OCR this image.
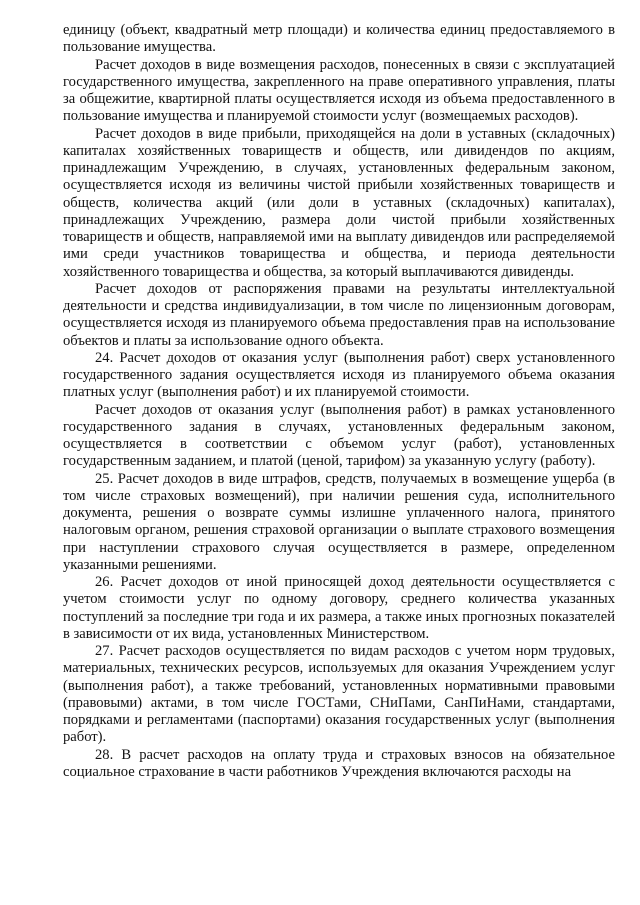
единицу (объект, квадратный метр площади) и количества единиц предоставляемого в пользование имущества.

Расчет доходов в виде возмещения расходов, понесенных в связи с эксплуатацией государственного имущества, закрепленного на праве оперативного управления, платы за общежитие, квартирной платы осуществляется исходя из объема предоставленного в пользование имущества и планируемой стоимости услуг (возмещаемых расходов).

Расчет доходов в виде прибыли, приходящейся на доли в уставных (складочных) капиталах хозяйственных товариществ и обществ, или дивидендов по акциям, принадлежащим Учреждению, в случаях, установленных федеральным законом, осуществляется исходя из величины чистой прибыли хозяйственных товариществ и обществ, количества акций (или доли в уставных (складочных) капиталах), принадлежащих Учреждению, размера доли чистой прибыли хозяйственных товариществ и обществ, направляемой ими на выплату дивидендов или распределяемой ими среди участников товарищества и общества, и периода деятельности хозяйственного товарищества и общества, за который выплачиваются дивиденды.

Расчет доходов от распоряжения правами на результаты интеллектуальной деятельности и средства индивидуализации, в том числе по лицензионным договорам, осуществляется исходя из планируемого объема предоставления прав на использование объектов и платы за использование одного объекта.

24. Расчет доходов от оказания услуг (выполнения работ) сверх установленного государственного задания осуществляется исходя из планируемого объема оказания платных услуг (выполнения работ) и их планируемой стоимости.

Расчет доходов от оказания услуг (выполнения работ) в рамках установленного государственного задания в случаях, установленных федеральным законом, осуществляется в соответствии с объемом услуг (работ), установленных государственным заданием, и платой (ценой, тарифом) за указанную услугу (работу).

25. Расчет доходов в виде штрафов, средств, получаемых в возмещение ущерба (в том числе страховых возмещений), при наличии решения суда, исполнительного документа, решения о возврате суммы излишне уплаченного налога, принятого налоговым органом, решения страховой организации о выплате страхового возмещения при наступлении страхового случая осуществляется в размере, определенном указанными решениями.

26. Расчет доходов от иной приносящей доход деятельности осуществляется с учетом стоимости услуг по одному договору, среднего количества указанных поступлений за последние три года и их размера, а также иных прогнозных показателей в зависимости от их вида, установленных Министерством.

27. Расчет расходов осуществляется по видам расходов с учетом норм трудовых, материальных, технических ресурсов, используемых для оказания Учреждением услуг (выполнения работ), а также требований, установленных нормативными правовыми (правовыми) актами, в том числе ГОСТами, СНиПами, СанПиНами, стандартами, порядками и регламентами (паспортами) оказания государственных услуг (выполнения работ).

28. В расчет расходов на оплату труда и страховых взносов на обязательное социальное страхование в части работников Учреждения включаются расходы на
